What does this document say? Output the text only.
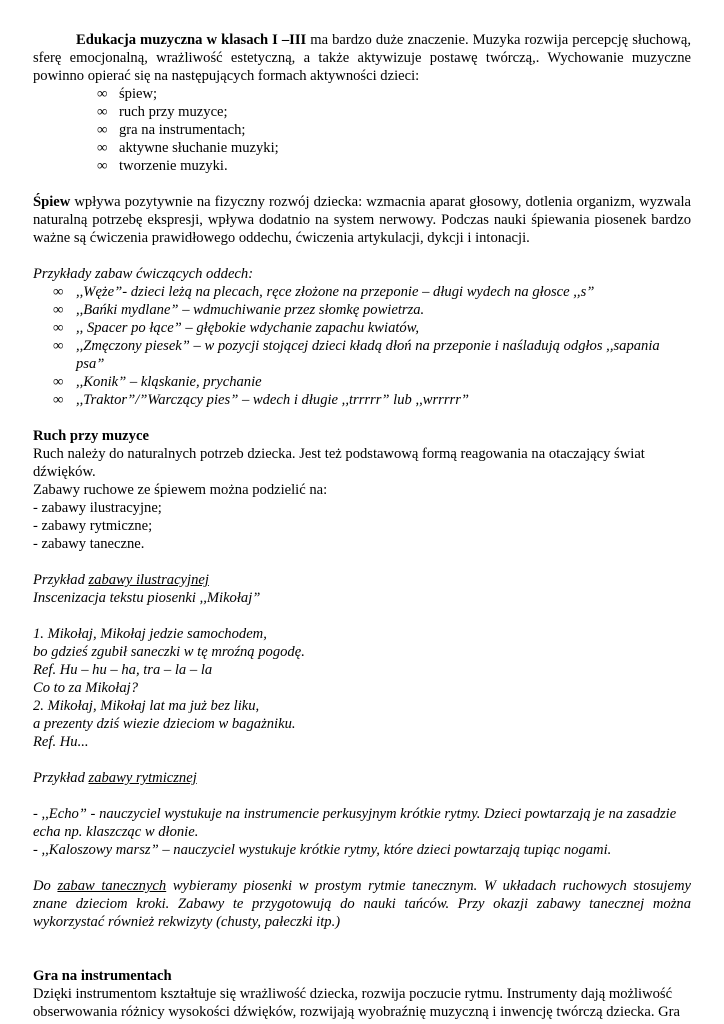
Edukacja muzyczna w klasach I –III ma bardzo duże znaczenie. Muzyka rozwija percepcję słuchową, sferę emocjonalną, wrażliwość estetyczną, a także aktywizuje postawę twórczą,. Wychowanie muzyczne powinno opierać się na następujących formach aktywności dzieci:

∞ śpiew;
∞ ruch przy muzyce;
∞ gra na instrumentach;
∞ aktywne słuchanie muzyki;
∞ tworzenie muzyki.

Śpiew wpływa pozytywnie na fizyczny rozwój dziecka: wzmacnia aparat głosowy, dotlenia organizm, wyzwala naturalną potrzebę ekspresji, wpływa dodatnio na system nerwowy. Podczas nauki śpiewania piosenek bardzo ważne są ćwiczenia prawidłowego oddechu, ćwiczenia artykulacji, dykcji i intonacji.

Przykłady zabaw ćwiczących oddech:

∞ ,,Węże”- dzieci leżą na plecach, ręce złożone na przeponie – długi wydech na głosce ,,s”
∞ ,,Bańki mydlane” – wdmuchiwanie przez słomkę powietrza.
∞ ,, Spacer po łące” – głębokie wdychanie zapachu kwiatów,
∞ ,,Zmęczony piesek” – w pozycji stojącej dzieci kładą dłoń na przeponie i naśladują odgłos ,,sapania psa”
∞ ,,Konik” – kląskanie, prychanie
∞ ,,Traktor”/”Warczący pies” – wdech i długie ,,trrrrr” lub ,,wrrrrr”

Ruch przy muzyce

Ruch należy do naturalnych potrzeb dziecka. Jest też podstawową formą reagowania na otaczający świat dźwięków.

Zabawy ruchowe ze śpiewem można podzielić na:

- zabawy ilustracyjne;

- zabawy rytmiczne;

- zabawy taneczne.

Przykład zabawy ilustracyjnej

Inscenizacja tekstu piosenki ,,Mikołaj”

1. Mikołaj, Mikołaj jedzie samochodem,

bo gdzieś zgubił saneczki w tę mroźną pogodę.

Ref. Hu – hu – ha, tra – la – la

Co to za Mikołaj?

2. Mikołaj, Mikołaj lat ma już bez liku,

a prezenty dziś wiezie dzieciom w bagażniku.

Ref. Hu...

Przykład zabawy rytmicznej

- ,,Echo” - nauczyciel wystukuje na instrumencie perkusyjnym krótkie rytmy. Dzieci powtarzają je na zasadzie echa np. klaszcząc w dłonie.

- ,,Kaloszowy marsz” – nauczyciel wystukuje krótkie rytmy, które dzieci powtarzają tupiąc nogami.

Do zabaw tanecznych wybieramy piosenki w prostym rytmie tanecznym. W układach ruchowych stosujemy znane dzieciom kroki. Zabawy te przygotowują do nauki tańców. Przy okazji zabawy tanecznej można wykorzystać również rekwizyty (chusty, pałeczki itp.)

Gra na instrumentach

Dzięki instrumentom kształtuje się wrażliwość dziecka, rozwija poczucie rytmu. Instrumenty dają możliwość

obserwowania różnicy wysokości dźwięków, rozwijają wyobraźnię muzyczną i inwencję twórczą dziecka. Gra
